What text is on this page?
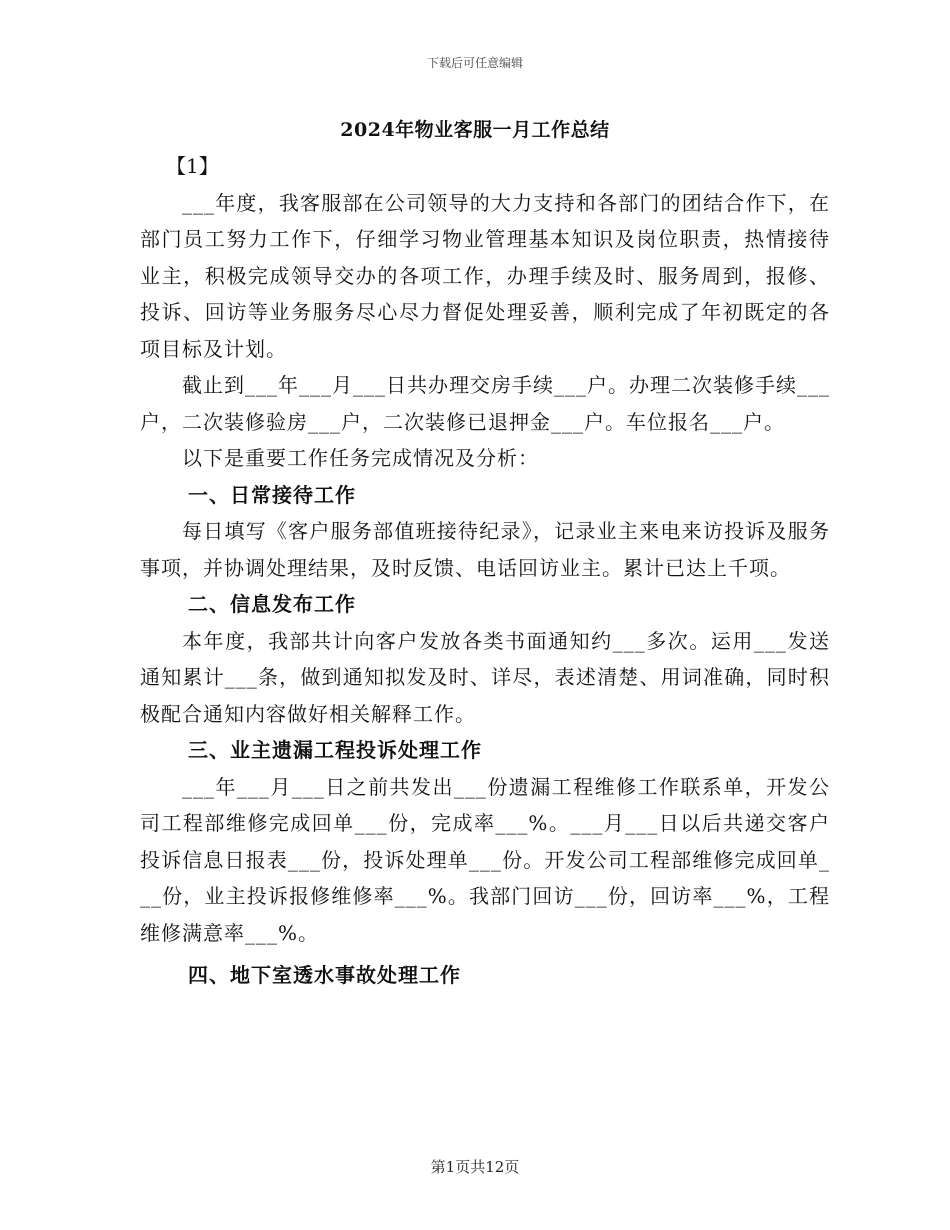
下载后可任意编辑
2024年物业客服一月工作总结

【1】

___年度，我客服部在公司领导的大力支持和各部门的团结合作下，在部门员工努力工作下，仔细学习物业管理基本知识及岗位职责，热情接待业主，积极完成领导交办的各项工作，办理手续及时、服务周到，报修、投诉、回访等业务服务尽心尽力督促处理妥善，顺利完成了年初既定的各项目标及计划。

截止到___年___月___日共办理交房手续___户。办理二次装修手续___户，二次装修验房___户，二次装修已退押金___户。车位报名___户。

以下是重要工作任务完成情况及分析：

一、日常接待工作

每日填写《客户服务部值班接待纪录》，记录业主来电来访投诉及服务事项，并协调处理结果，及时反馈、电话回访业主。累计已达上千项。

二、信息发布工作

本年度，我部共计向客户发放各类书面通知约___多次。运用___发送通知累计___条，做到通知拟发及时、详尽，表述清楚、用词准确，同时积极配合通知内容做好相关解释工作。

三、业主遗漏工程投诉处理工作

___年___月___日之前共发出___份遗漏工程维修工作联系单，开发公司工程部维修完成回单___份，完成率___%。___月___日以后共递交客户投诉信息日报表___份，投诉处理单___份。开发公司工程部维修完成回单___份，业主投诉报修维修率___%。我部门回访___份，回访率___%，工程维修满意率___%。

四、地下室透水事故处理工作

第1页共12页
